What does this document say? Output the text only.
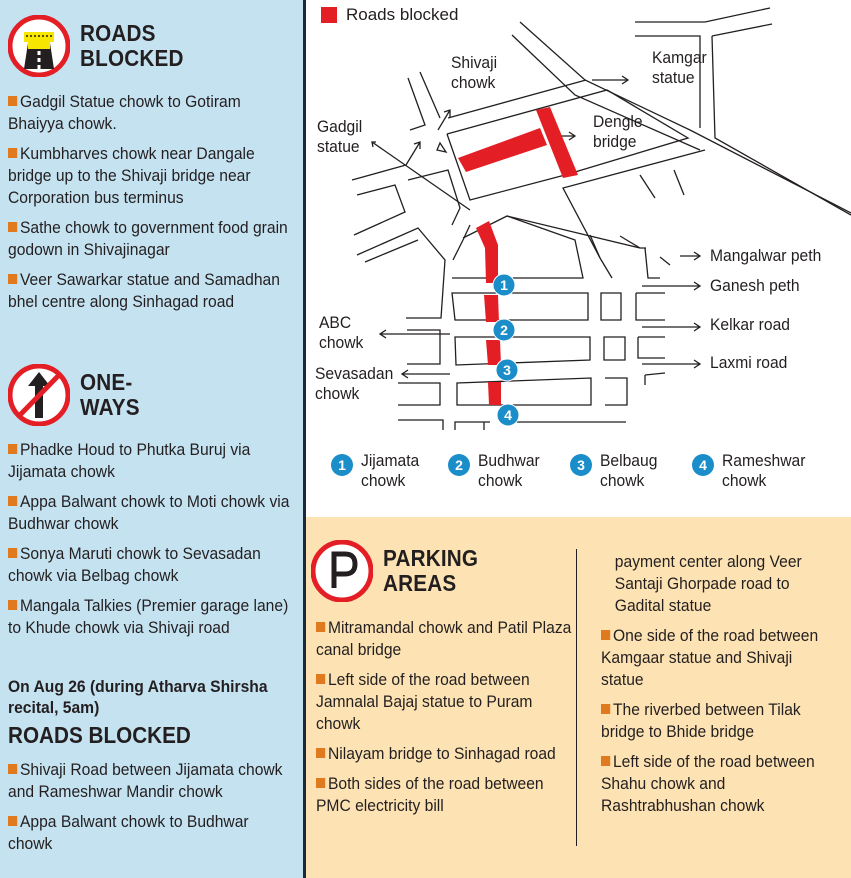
1
2
3
4
ROADS
BLOCKED
Gadgil Statue chowk to Gotiram Bhaiyya chowk.
Kumbharves chowk near Dangale bridge up to the Shivaji bridge near Corporation bus terminus
Sathe chowk to government food grain godown in Shivajinagar
Veer Sawarkar statue and Samadhan bhel centre along Sinhagad road
ONE-
WAYS
Phadke Houd to Phutka Buruj via Jijamata chowk
Appa Balwant chowk to Moti chowk via Budhwar chowk
Sonya Maruti chowk to Sevasadan chowk via Belbag chowk
Mangala Talkies (Premier garage lane) to Khude chowk via Shivaji road
On Aug 26 (during Atharva Shirsha recital, 5am)
ROADS BLOCKED
Shivaji Road between Jijamata chowk and Rameshwar Mandir chowk
Appa Balwant chowk to Budhwar chowk
Roads blocked
Shivaji
chowk
Kamgar
statue
Gadgil
statue
Dengle
bridge
Mangalwar peth
Ganesh peth
Kelkar road
Laxmi road
ABC
chowk
Sevasadan
chowk
1 Jijamata
chowk
2 Budhwar
chowk
3 Belbaug
chowk
4 Rameshwar
chowk
PARKING
AREAS
Mitramandal chowk and Patil Plaza canal bridge
Left side of the road between Jamnalal Bajaj statue to Puram chowk
Nilayam bridge to Sinhagad road
Both sides of the road between PMC electricity bill
payment center along Veer Santaji Ghorpade road to Gadital statue
One side of the road between Kamgaar statue and Shivaji statue
The riverbed between Tilak bridge to Bhide bridge
Left side of the road between Shahu chowk and Rashtrabhushan chowk
